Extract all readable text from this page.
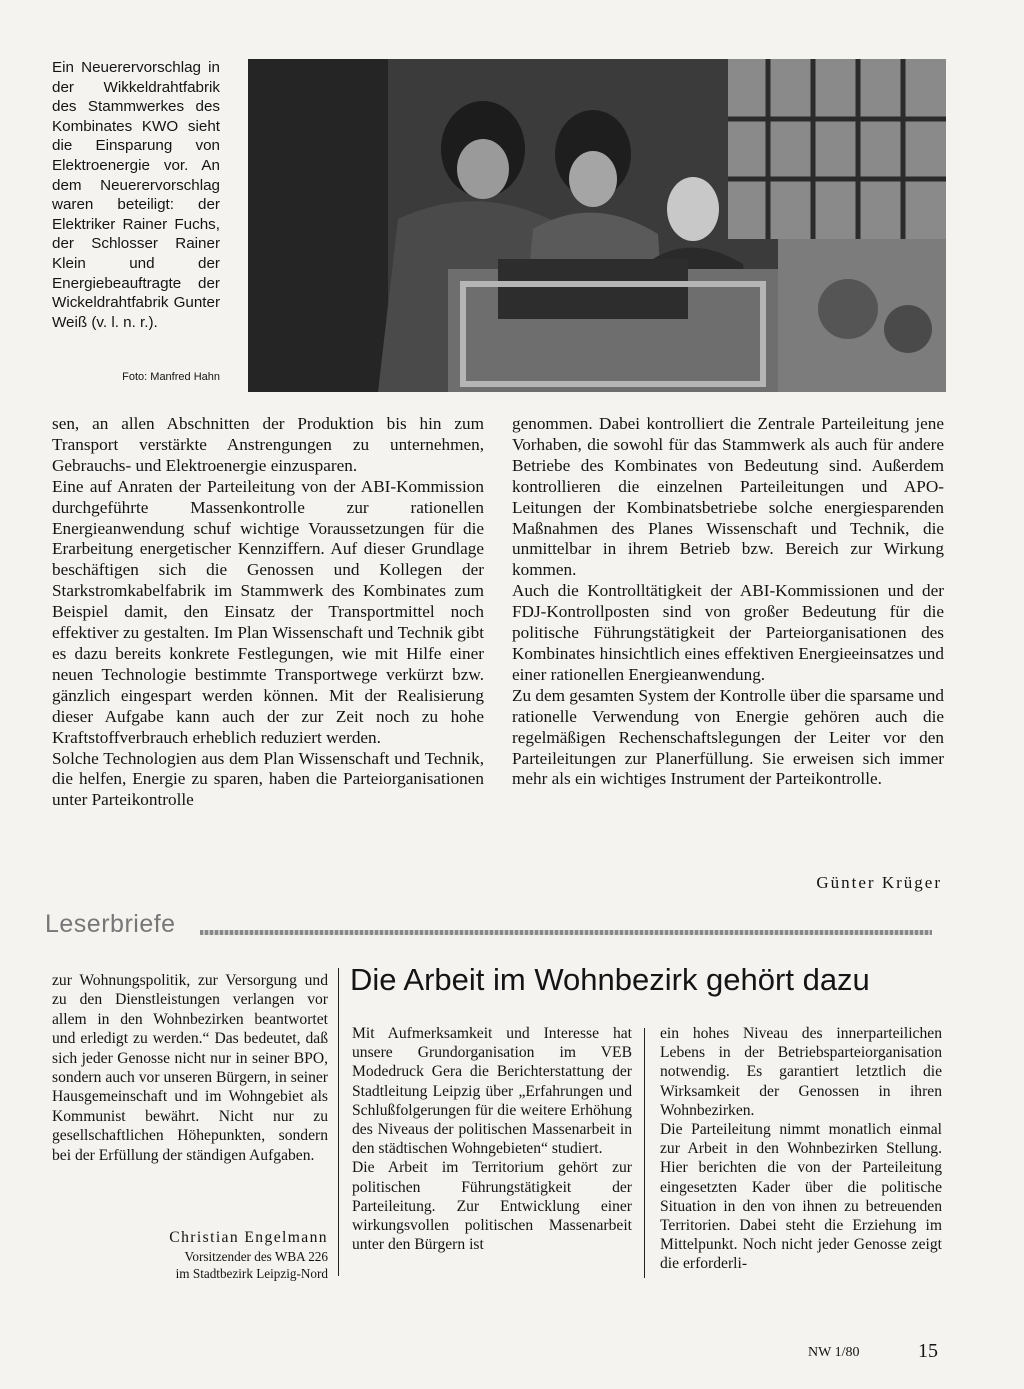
Ein Neuerervorschlag in der Wikkeldrahtfabrik des Stammwerkes des Kombinates KWO sieht die Einsparung von Elektroenergie vor. An dem Neuerervorschlag waren beteiligt: der Elektriker Rainer Fuchs, der Schlosser Rainer Klein und der Energiebeauftragte der Wickeldrahtfabrik Gunter Weiß (v. l. n. r.).
Foto: Manfred Hahn

sen, an allen Abschnitten der Produktion bis hin zum Transport verstärkte Anstrengungen zu unternehmen, Gebrauchs- und Elektroenergie einzusparen.

Eine auf Anraten der Parteileitung von der ABI-Kommission durchgeführte Massenkontrolle zur rationellen Energieanwendung schuf wichtige Voraussetzungen für die Erarbeitung energetischer Kennziffern. Auf dieser Grundlage beschäftigen sich die Genossen und Kollegen der Starkstromkabelfabrik im Stammwerk des Kombinates zum Beispiel damit, den Einsatz der Transportmittel noch effektiver zu gestalten. Im Plan Wissenschaft und Technik gibt es dazu bereits konkrete Festlegungen, wie mit Hilfe einer neuen Technologie bestimmte Transportwege verkürzt bzw. gänzlich eingespart werden können. Mit der Realisierung dieser Aufgabe kann auch der zur Zeit noch zu hohe Kraftstoffverbrauch erheblich reduziert werden.

Solche Technologien aus dem Plan Wissenschaft und Technik, die helfen, Energie zu sparen, haben die Parteiorganisationen unter Parteikontrolle

genommen. Dabei kontrolliert die Zentrale Parteileitung jene Vorhaben, die sowohl für das Stammwerk als auch für andere Betriebe des Kombinates von Bedeutung sind. Außerdem kontrollieren die einzelnen Parteileitungen und APO-Leitungen der Kombinatsbetriebe solche energiesparenden Maßnahmen des Planes Wissenschaft und Technik, die unmittelbar in ihrem Betrieb bzw. Bereich zur Wirkung kommen.

Auch die Kontrolltätigkeit der ABI-Kommissionen und der FDJ-Kontrollposten sind von großer Bedeutung für die politische Führungstätigkeit der Parteiorganisationen des Kombinates hinsichtlich eines effektiven Energieeinsatzes und einer rationellen Energieanwendung.

Zu dem gesamten System der Kontrolle über die sparsame und rationelle Verwendung von Energie gehören auch die regelmäßigen Rechenschaftslegungen der Leiter vor den Parteileitungen zur Planerfüllung. Sie erweisen sich immer mehr als ein wichtiges Instrument der Parteikontrolle.

Günter Krüger
Leserbriefe

zur Wohnungspolitik, zur Versorgung und zu den Dienstleistungen verlangen vor allem in den Wohnbezirken beantwortet und erledigt zu werden.“ Das bedeutet, daß sich jeder Genosse nicht nur in seiner BPO, sondern auch vor unseren Bürgern, in seiner Hausgemeinschaft und im Wohngebiet als Kommunist bewährt. Nicht nur zu gesellschaftlichen Höhepunkten, sondern bei der Erfüllung der ständigen Aufgaben.

Christian Engelmann
Vorsitzender des WBA 226
im Stadtbezirk Leipzig-Nord
Die Arbeit im Wohnbezirk gehört dazu

Mit Aufmerksamkeit und Interesse hat unsere Grundorganisation im VEB Modedruck Gera die Berichterstattung der Stadtleitung Leipzig über „Erfahrungen und Schlußfolgerungen für die weitere Erhöhung des Niveaus der politischen Massenarbeit in den städtischen Wohngebieten“ studiert.

Die Arbeit im Territorium gehört zur politischen Führungstätigkeit der Parteileitung. Zur Entwicklung einer wirkungsvollen politischen Massenarbeit unter den Bürgern ist

ein hohes Niveau des innerparteilichen Lebens in der Betriebsparteiorganisation notwendig. Es garantiert letztlich die Wirksamkeit der Genossen in ihren Wohnbezirken.

Die Parteileitung nimmt monatlich einmal zur Arbeit in den Wohnbezirken Stellung. Hier berichten die von der Parteileitung eingesetzten Kader über die politische Situation in den von ihnen zu betreuenden Territorien. Dabei steht die Erziehung im Mittelpunkt. Noch nicht jeder Genosse zeigt die erforderli-

NW 1/80	15
